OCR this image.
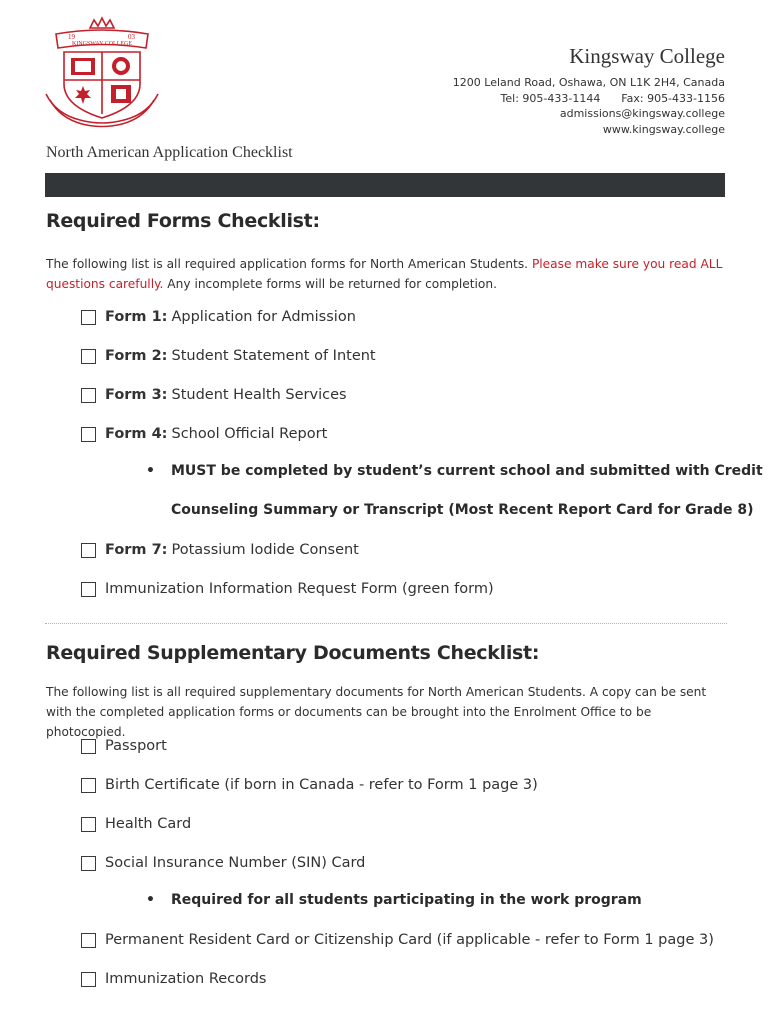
19	03
KINGSWAY COLLEGE	Kingsway College
1200 Leland Road, Oshawa, ON L1K 2H4, Canada
Tel: 905-433-1144      Fax: 905-433-1156
admissions@kingsway.college
www.kingsway.college
North American Application Checklist
Required Forms Checklist:
The following list is all required application forms for North American Students. Please make sure you read ALL questions carefully. Any incomplete forms will be returned for completion.
Form 1: Application for Admission
Form 2: Student Statement of Intent
Form 3: Student Health Services
Form 4: School Official Report
• MUST be completed by student’s current school and submitted with Credit
Counseling Summary or Transcript (Most Recent Report Card for Grade 8)
Form 7: Potassium Iodide Consent
Immunization Information Request Form (green form)
Required Supplementary Documents Checklist:
The following list is all required supplementary documents for North American Students. A copy can be sent with the completed application forms or documents can be brought into the Enrolment Office to be photocopied.
Passport
Birth Certificate (if born in Canada - refer to Form 1 page 3)
Health Card
Social Insurance Number (SIN) Card
• Required for all students participating in the work program
Permanent Resident Card or Citizenship Card (if applicable - refer to Form 1 page 3)
Immunization Records
